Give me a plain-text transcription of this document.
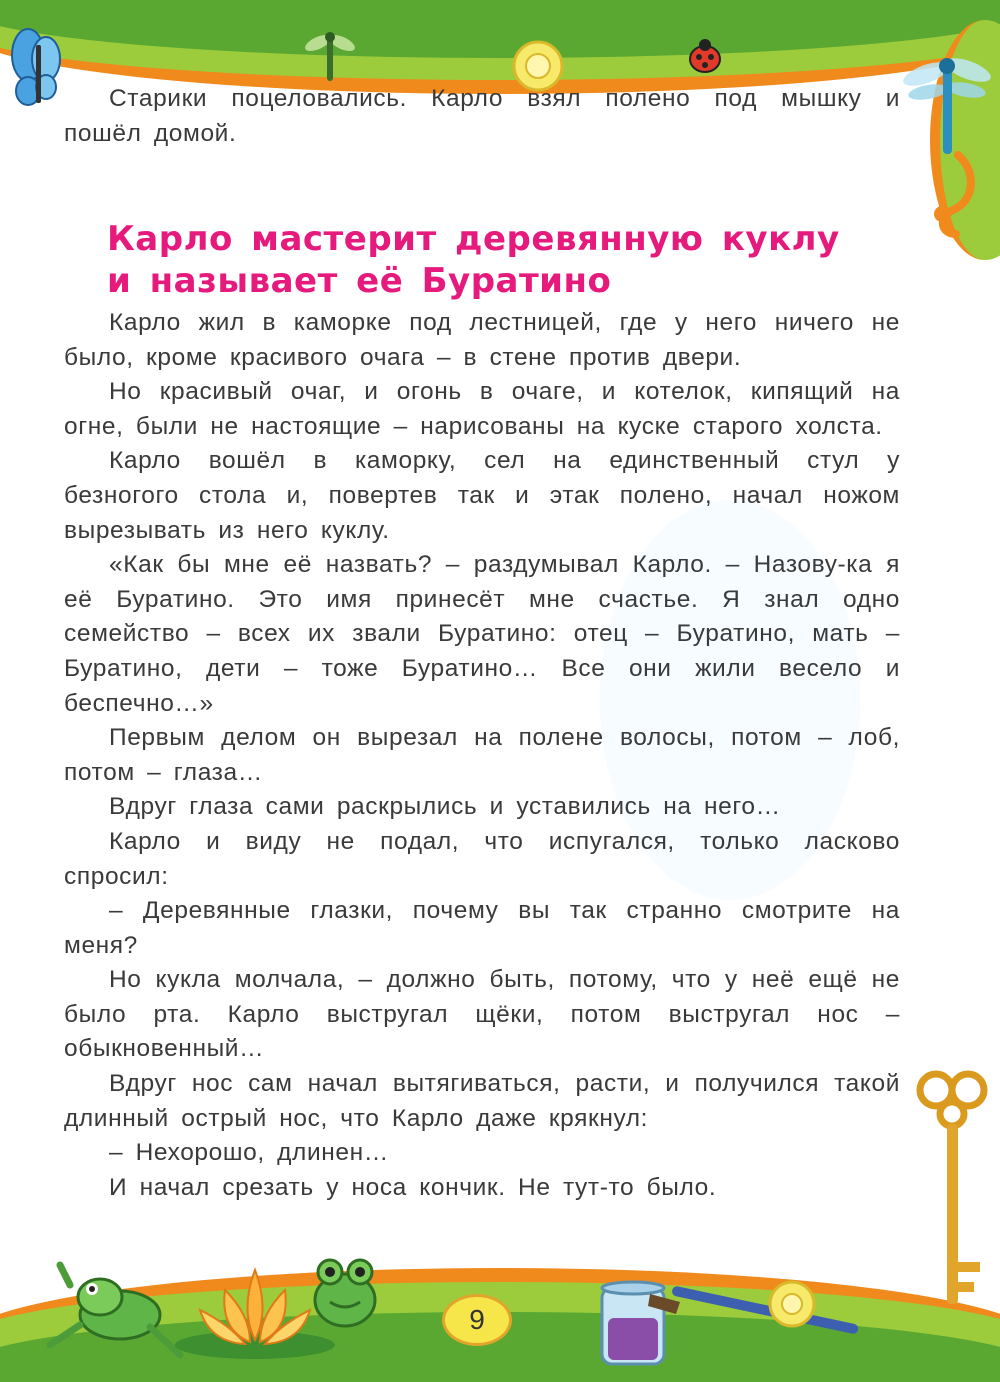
Старики поцеловались. Карло взял полено под мышку и пошёл домой.

Карло мастерит деревянную куклу
и называет её Буратино

Карло жил в каморке под лестницей, где у него ничего не было, кроме красивого очага – в стене против двери.

Но красивый очаг, и огонь в очаге, и котелок, кипящий на огне, были не настоящие – нарисованы на куске старого холста.

Карло вошёл в каморку, сел на единственный стул у безногого стола и, повертев так и этак полено, начал ножом вырезывать из него куклу.

«Как бы мне её назвать? – раздумывал Карло. – Назову-ка я её Буратино. Это имя принесёт мне счастье. Я знал одно семейство – всех их звали Буратино: отец – Буратино, мать – Буратино, дети – тоже Буратино… Все они жили весело и беспечно…»

Первым делом он вырезал на полене волосы, потом – лоб, потом – глаза…

Вдруг глаза сами раскрылись и уставились на него…

Карло и виду не подал, что испугался, только ласково спросил:

– Деревянные глазки, почему вы так странно смотрите на меня?

Но кукла молчала, – должно быть, потому, что у неё ещё не было рта. Карло выстругал щёки, потом выстругал нос – обыкновенный…

Вдруг нос сам начал вытягиваться, расти, и получился такой длинный острый нос, что Карло даже крякнул:

– Нехорошо, длинен…

И начал срезать у носа кончик. Не тут-то было.

9
